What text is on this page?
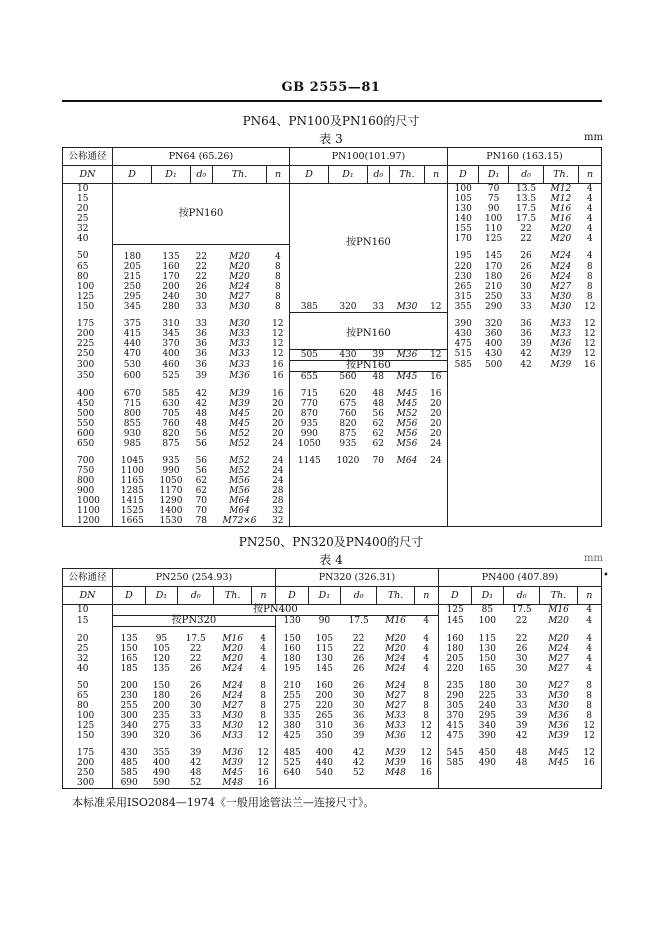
GB 2555—81
PN64、PN100及PN160的尺寸
表 3	mm
公称通径	PN64 (65.26)					PN100(101.97)					PN160 (163.15)				
DN	D	D₁	d₀	Th.	n	D	D₁	d₀	Th.	n	D	D₁	d₀	Th.	n
10	按PN160					按PN160					100	70	13.5	M12	4
15											105	75	13.5	M12	4
20											130	90	17.5	M16	4
25											140	100	17.5	M16	4
32											155	110	22	M20	4
40											170	125	22	M20	4
50	180	135	22	M20	4						195	145	26	M24	4
65	205	160	22	M20	8						220	170	26	M24	8
80	215	170	22	M20	8						230	180	26	M24	8
100	250	200	26	M24	8						265	210	30	M27	8
125	295	240	30	M27	8						315	250	33	M30	8
150	345	280	33	M30	8	385	320	33	M30	12	355	290	33	M30	12
175	375	310	33	M30	12	按PN160					390	320	36	M33	12
200	415	345	36	M33	12						430	360	36	M33	12
225	440	370	36	M33	12						475	400	39	M36	12
250	470	400	36	M33	12	505	430	39	M36	12	515	430	42	M39	12
300	530	460	36	M33	16	按PN160					585	500	42	M39	16
350	600	525	39	M36	16	655	560	48	M45	16					
400	670	585	42	M39	16	715	620	48	M45	16					
450	715	630	42	M39	20	770	675	48	M45	20					
500	800	705	48	M45	20	870	760	56	M52	20					
550	855	760	48	M45	20	935	820	62	M56	20					
600	930	820	56	M52	20	990	875	62	M56	20					
650	985	875	56	M52	24	1050	935	62	M56	24					
700	1045	935	56	M52	24	1145	1020	70	M64	24					
750	1100	990	56	M52	24										
800	1165	1050	62	M56	24										
900	1285	1170	62	M56	28										
1000	1415	1290	70	M64	28										
1100	1525	1400	70	M64	32										
1200	1665	1530	78	M72×6	32										
PN250、PN320及PN400的尺寸
表 4	mm
•
公称通径	PN250 (254.93)					PN320 (326.31)					PN400 (407.89)				
DN	D	D₁	d₀	Th.	n	D	D₁	d₀	Th.	n	D	D₁	d₀	Th.	n
10	按PN400										125	85	17.5	M16	4
15	按PN320					130	90	17.5	M16	4	145	100	22	M20	4
20	135	95	17.5	M16	4	150	105	22	M20	4	160	115	22	M20	4
25	150	105	22	M20	4	160	115	22	M20	4	180	130	26	M24	4
32	165	120	22	M20	4	180	130	26	M24	4	205	150	30	M27	4
40	185	135	26	M24	4	195	145	26	M24	4	220	165	30	M27	4
50	200	150	26	M24	8	210	160	26	M24	8	235	180	30	M27	8
65	230	180	26	M24	8	255	200	30	M27	8	290	225	33	M30	8
80	255	200	30	M27	8	275	220	30	M27	8	305	240	33	M30	8
100	300	235	33	M30	8	335	265	36	M33	8	370	295	39	M36	8
125	340	275	33	M30	12	380	310	36	M33	12	415	340	39	M36	12
150	390	320	36	M33	12	425	350	39	M36	12	475	390	42	M39	12
175	430	355	39	M36	12	485	400	42	M39	12	545	450	48	M45	12
200	485	400	42	M39	12	525	440	42	M39	16	585	490	48	M45	16
250	585	490	48	M45	16	640	540	52	M48	16					
300	690	590	52	M48	16										
本标准采用ISO2084—1974《一般用途管法兰—连接尺寸》。
